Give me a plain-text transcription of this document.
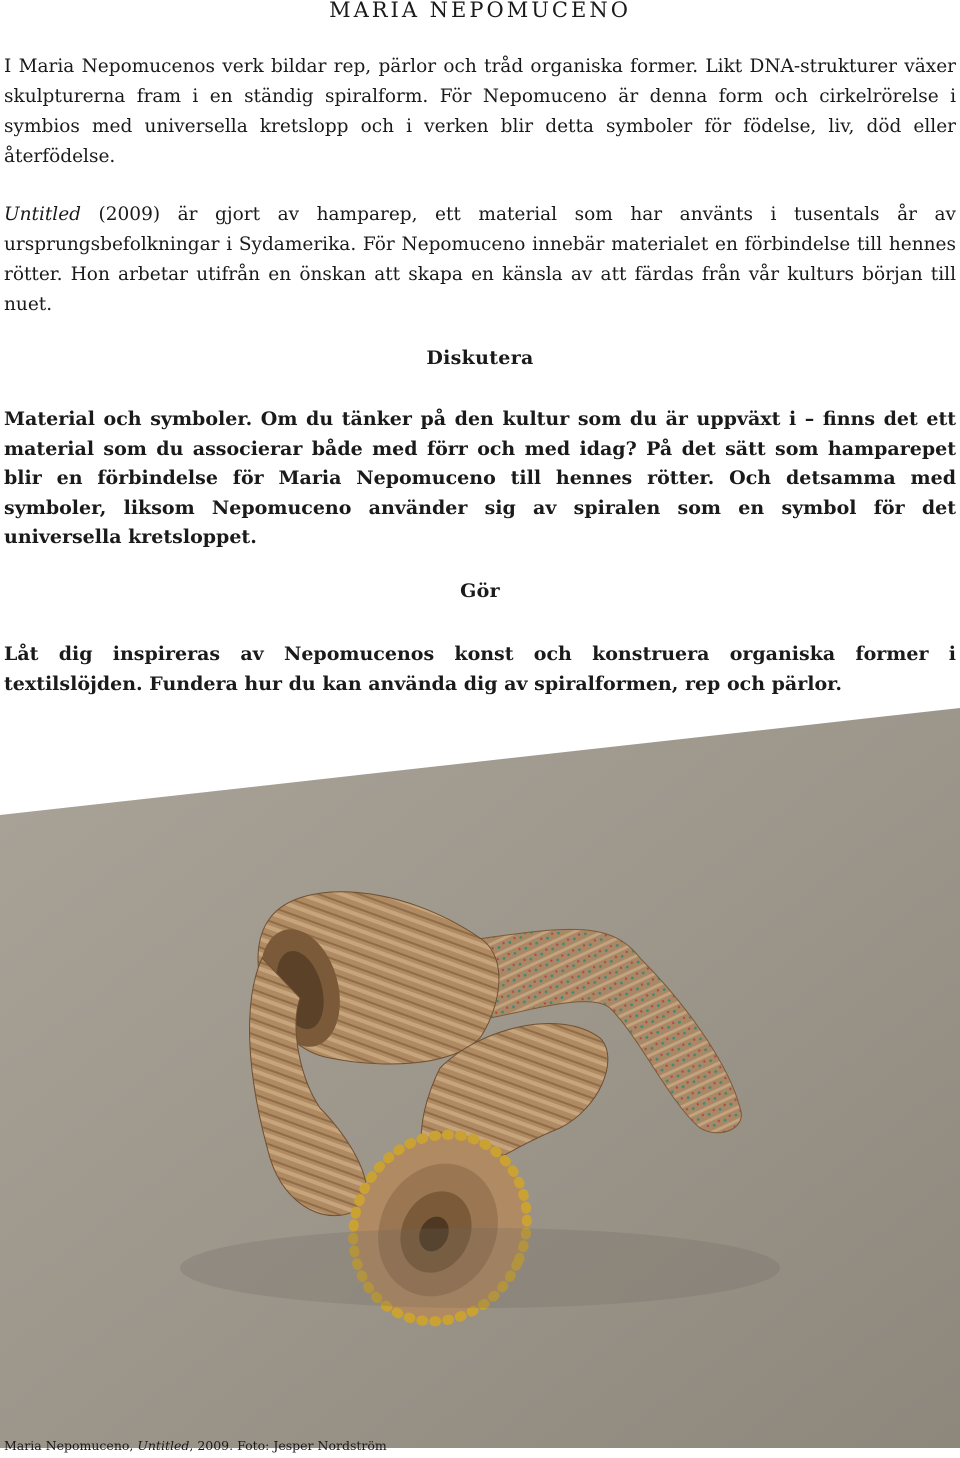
MARIA NEPOMUCENO

I Maria Nepomucenos verk bildar rep, pärlor och tråd organiska former. Likt DNA-strukturer växer skulpturerna fram i en ständig spiralform. För Nepomuceno är denna form och cirkelrörelse i symbios med universella kretslopp och i verken blir detta symboler för födelse, liv, död eller återfödelse.

Untitled (2009) är gjort av hamparep, ett material som har använts i tusentals år av ursprungsbefolkningar i Sydamerika. För Nepomuceno innebär materialet en förbindelse till hennes rötter. Hon arbetar utifrån en önskan att skapa en känsla av att färdas från vår kulturs början till nuet.

Diskutera

Material och symboler. Om du tänker på den kultur som du är uppväxt i – finns det ett material som du associerar både med förr och med idag? På det sätt som hamparepet blir en förbindelse för Maria Nepomuceno till hennes rötter. Och detsamma med symboler, liksom Nepomuceno använder sig av spiralen som en symbol för det universella kretsloppet.

Gör

Låt dig inspireras av Nepomucenos konst och konstruera organiska former i textilslöjden. Fundera hur du kan använda dig av spiralformen, rep och pärlor.

Maria Nepomuceno, Untitled, 2009. Foto: Jesper Nordström
